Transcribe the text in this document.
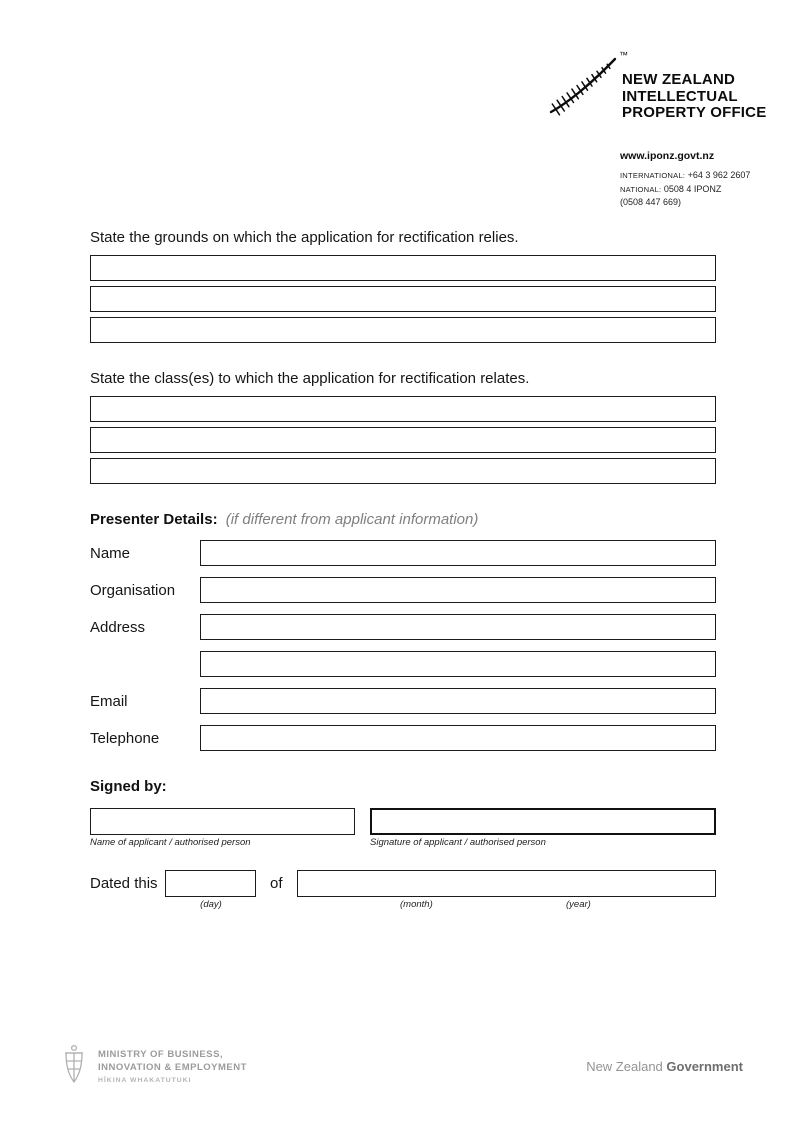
™
NEW ZEALAND
INTELLECTUAL
PROPERTY OFFICE
www.iponz.govt.nz
INTERNATIONAL: +64 3 962 2607
NATIONAL: 0508 4 IPONZ
(0508 447 669)
State the grounds on which the application for rectification relies.
State the class(es) to which the application for rectification relates.
Presenter Details: (if different from applicant information)
Name
Organisation
Address
Email
Telephone
Signed by:
Name of applicant / authorised person	Signature of applicant / authorised person
Dated this	of
(day)	(month)	(year)
MINISTRY OF BUSINESS,
INNOVATION & EMPLOYMENT
HĪKINA WHAKATUTUKI
New Zealand Government
